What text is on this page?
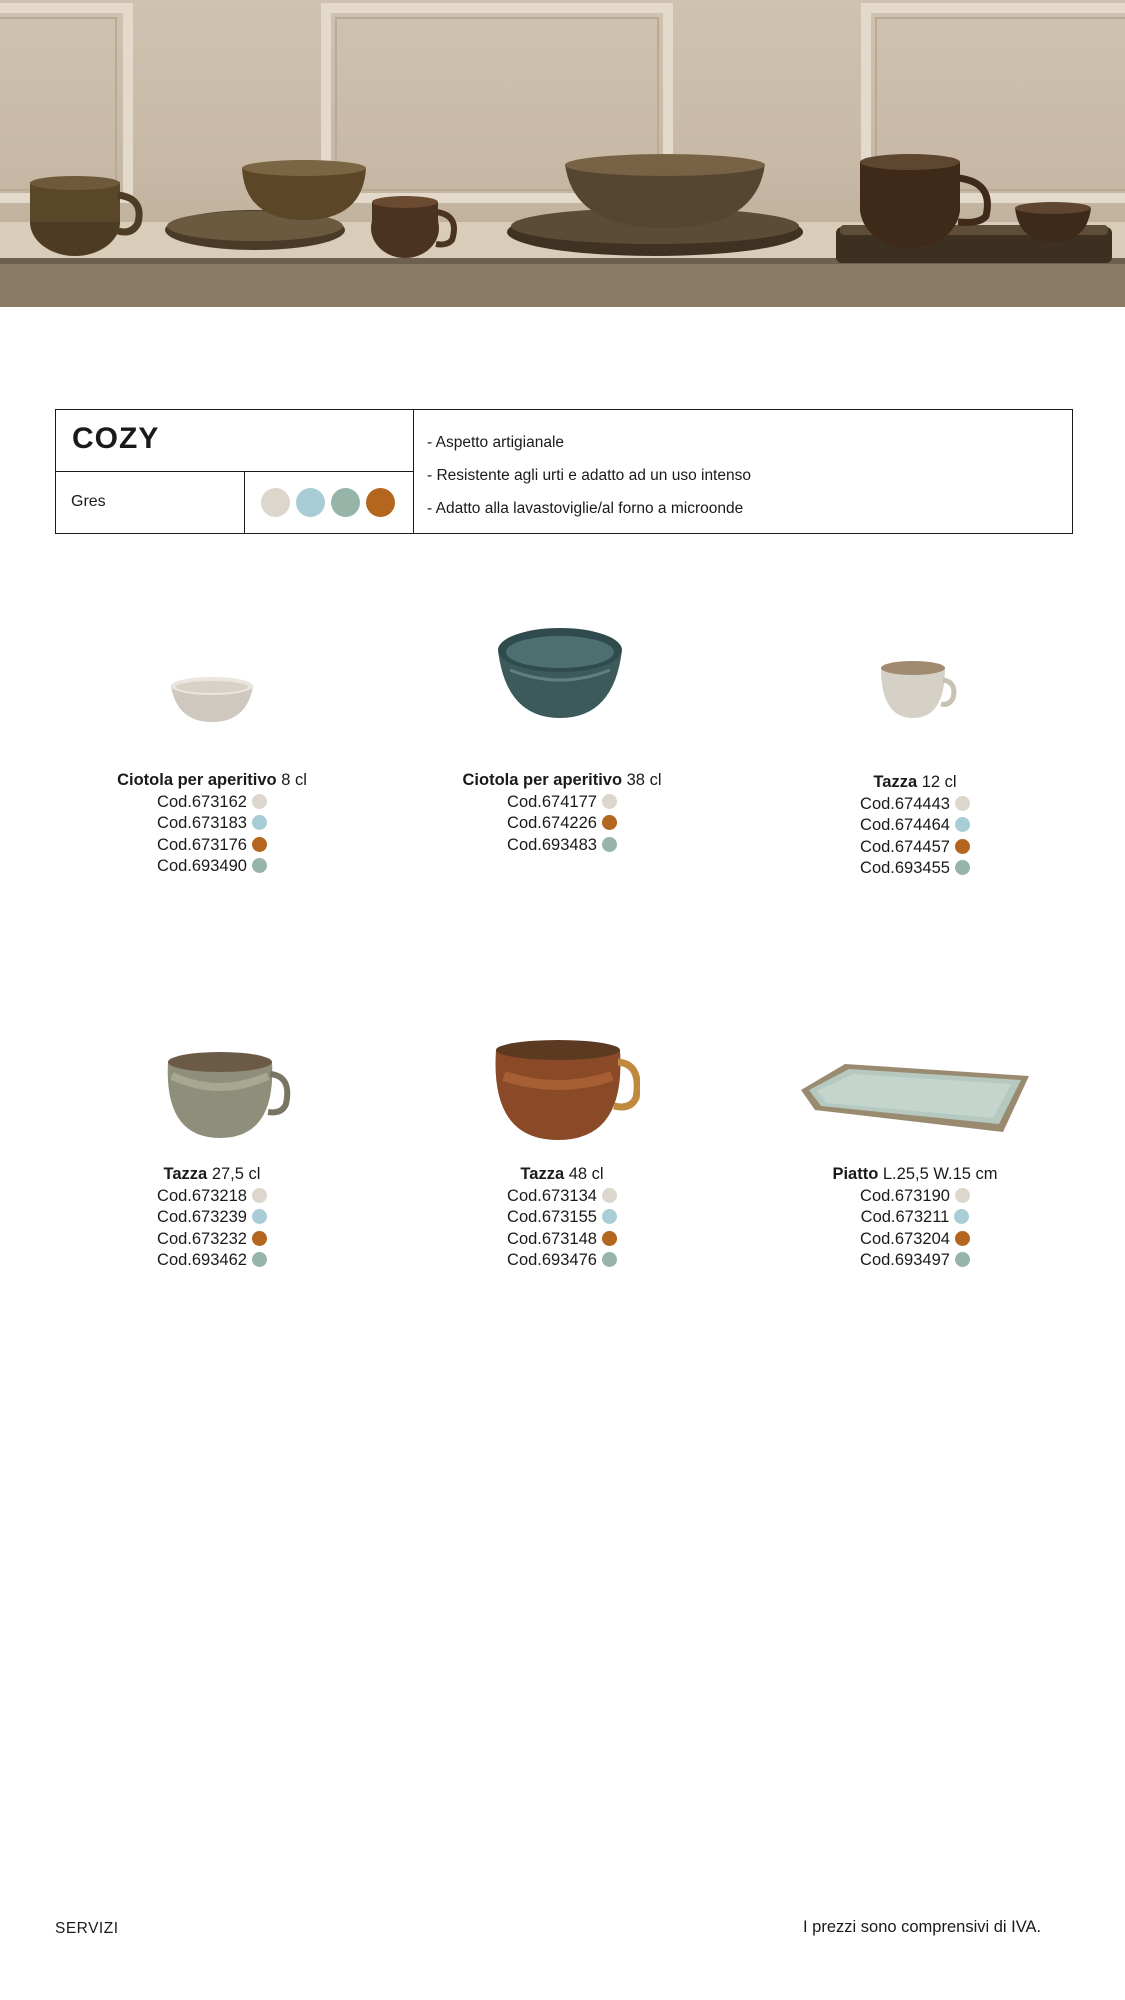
COZY
Gres
- Aspetto artigianale
- Resistente agli urti e adatto ad un uso intenso
- Adatto alla lavastoviglie/al forno a microonde
Ciotola per aperitivo 8 cl
Cod.673162
Cod.673183
Cod.673176
Cod.693490
Ciotola per aperitivo 38 cl
Cod.674177
Cod.674226
Cod.693483
Tazza 12 cl
Cod.674443
Cod.674464
Cod.674457
Cod.693455
Tazza 27,5 cl
Cod.673218
Cod.673239
Cod.673232
Cod.693462
Tazza 48 cl
Cod.673134
Cod.673155
Cod.673148
Cod.693476
Piatto L.25,5 W.15 cm
Cod.673190
Cod.673211
Cod.673204
Cod.693497
SERVIZI	I prezzi sono comprensivi di IVA.
